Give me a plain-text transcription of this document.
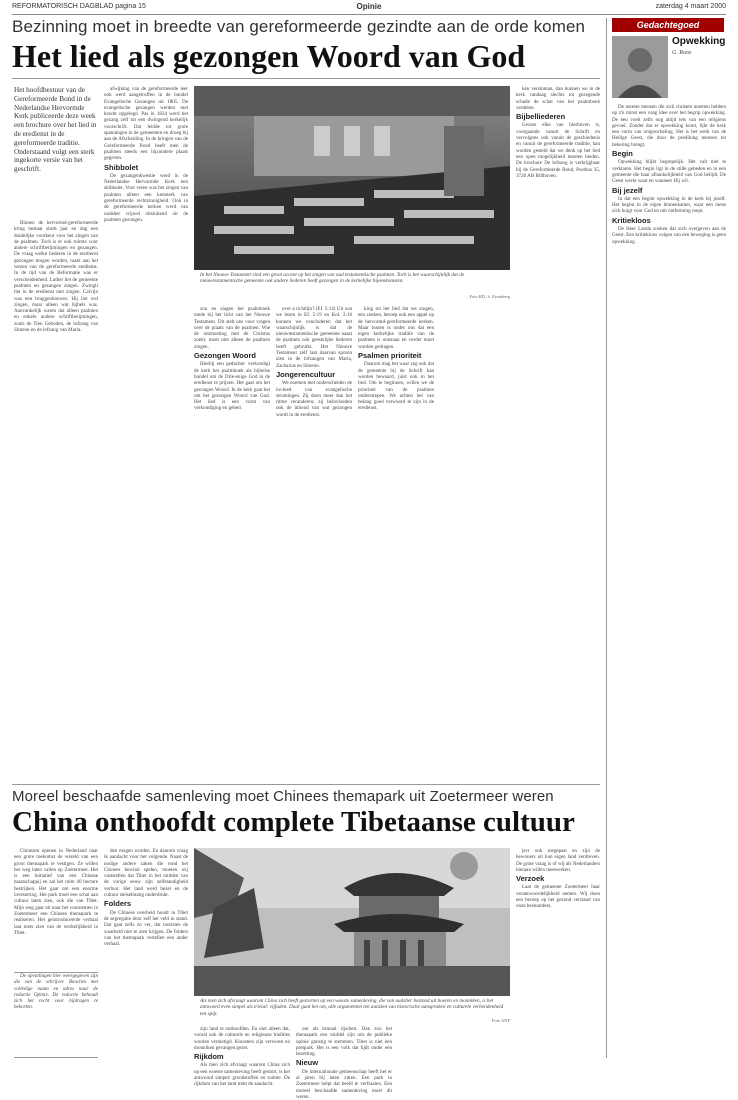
REFORMATORISCH DAGBLAD pagina 15	Opinie	zaterdag 4 maart 2000
Bezinning moet in breedte van gereformeerde gezindte aan de orde komen
Het lied als gezongen Woord van God
Het hoofdbestuur van de Gereformeerde Bond in de Nederlandse Hervormde Kerk publiceerde deze week een brochure over het lied in de eredienst in de gereformeerde traditie. Onderstaand volgt een sterk ingekorte versie van het geschrift.

Binnen de hervormd-gereformeerde kring bestaat sinds jaar en dag een duidelijke voorkeur voor het zingen van de psalmen. Toch is er ook ruimte voor andere schriftberijmingen en gezangen. De vraag welke liederen in de eredienst gezongen mogen worden, raakt aan het wezen van de gereformeerde eredienst. In de tijd van de Reformatie was er verscheidenheid. Luther liet de gemeente psalmen en gezangen zingen. Zwingli liet in de eredienst niet zingen. Calvijn was een bruggenbouwer. Hij liet wel zingen, maar alleen wat bijbels was. Aanvankelijk waren dat alleen psalmen en enkele andere schriftberijmingen, zoals de Tien Geboden, de lofzang van Simeon en de lofzang van Maria.

afwijking van de gereformeerde leer ook werd aangetroffen in de bundel Evangelische Gezangen uit 1805. De evangelische gezangen werden met kracht opgelegd. Pas in 1834 werd het gezang zelf tot een dwingend kerkelijk voorschrift. Dat leidde tot grote spanningen in de gemeenten en droeg bij aan de Afscheiding. In de kringen van de Gereformeerde Bond heeft men de psalmen steeds een bijzondere plaats gegeven.

Shibbolet

De gezangenkwestie werd in de Nederlandse Hervormde Kerk een shibbolet. Voor velen was het zingen van psalmen alleen een kenmerk van gereformeerde rechtzinnigheid. Ook in de gereformeerde kerken werd van oudsher vrijwel uitsluitend uit de psalmen gezongen.

In het Nieuwe Testament vind een groot accent op het zingen van oud testamentische psalmen. Toch is het waarschijnlijk dat de nieuwtestamentische gemeente ook andere liederen heeft gezongen in de kerkelijke bijeenkomsten.
Foto RD, S. Eisenberg

zou en slagen het psalmboek mede bij het licht van het Nieuwe Testament. Dit stelt ons voor vragen over de plaats van de psalmen. Wie de ontmoeting met de Christus zoekt, moet niet alleen de psalmen zingen.

Gezongen Woord

Hierbij een gedachte: verkondigt de kerk het psalmboek als bijbelse bundel om de Drie-enige God in de eredienst te prijzen. Het gaat om het gezongen Woord. In de kerk gaat het om het gezongen Woord van God. Het lied is een vorm van verkondiging en gebed.

over a richtlijn? (Ef. 5:14) Uit wat we lezen in Ef. 5:19 en Kol. 3:16 kunnen we concluderen dat het waarschijnlijk is dat de nieuwtestamentische gemeente naast de psalmen ook geestelijke liederen heeft gebruikt. Het Nieuwe Testament zelf laat daarvan sporen zien in de lofzangen van Maria, Zacharias en Simeon.

Jongerencultuur

We noemen met onderscheiden de invloed van evangelische stromingen. Zij doen meer dan het ritme veranderen; zij beïnvloeden ook de inhoud van wat gezongen wordt in de eredienst.

king tot het lied dat we zingen, een zoeken, beroep ook een appel op de hervormd-gereformeerde kerken. Maar tussen is onder ons dat een eigen kerkelijke traditie van de psalmen is ontstaan en verder moet worden gedragen.

Psalmen prioriteit

Daarom mag het waar zeg ook dat de gemeente bij de Schrift kan worden bewaard, juist ook in het lied. Om te beginnen, willen we de prioriteit van de psalmen onderstrepen. We achten het van belang goed verwoord te zijn in de eredienst.

ken verstoman, dan kunnen we in de kerk vandaag slechts tot gezegende schade de schat van het psalmboek verdelen.

Bijbelliederen

Gezien elke van hierboven is, voorgaande vanuit de Schrift en vervolgens ook vanuit de geschiedenis en vanuit de gereformeerde traditie, kan worden gesteld dat we denk op het lied een open mogelijkheid moeten bieden. De brochure De lofzang is verkrijgbaar bij de Gereformeerde Bond, Postbus 35, 3720 AB Bilthoven.

Gedachtegoed
Opwekking
G. Roos

De meeste mensen die zich christen noemen hebben op z'n minst een vaag idee over het begrip opwekking. De eeu voelt zelfs nog altijd iets van een religieus gevoel. Zonder dat er opwekking komt, lijkt de kerk een vorm van ontgoocheling. Het is het werk van de Heilige Geest, die door de prediking mensen tot bekering brengt.

Begin

Opwekking blijkt begrepelijk. Het valt niet te verklaren. Het begin ligt in de stille gebeden en in een gemeente die haar afhankelijkheid van God belijdt. De Geest werkt waar en wanneer Hij wil.

Bij jezelf

In dat een begint opwekking in de kerk bij jezelf. Het begint in de eigen binnenkamer, waar een mens zich buigt voor God en om ontferming roept.

Kritiekloos

De Heer Landa zoeken dat zich overgeven aan de Geest. Een kritiekloos volgen van een beweging is geen opwekking.

Moreel beschaafde samenleving moet Chinees themapark uit Zoetermeer weren
China onthoofdt complete Tibetaanse cultuur

Chinezen openen in Nederland naar een grote toekomst de wereld van een groot themapark te vestigen. Ze willen het weg laten vallen op Zoetermeer. Het is een initiatief van een Chinese maatschappij en zal het ruim 40 hectare bestrijken. Het gaat om een enorme investering. Het park moet een schat aan cultuur laten zien, ook die van Tibet. Mijn weg gaat uit naar het voornemen in Zoetermeer een Chinees themapark te realiseren. Het geïntroduceerde verhaal laat niets zien van de werkelijkheid in Tibet.

De opvattingen hier weergegeven zijn die van de schrijver. Reacties met volledige naam en adres naar de redactie Opinie. De redactie behoudt zich het recht voor bijdragen te bekorten.

den mogen worden. En daarom vraag ik aandacht voor het volgende. Naast de nodige andere zaken die rond het Chinees bewind spelen, moeten wij vaststellen dat Tibet in het midden van de vorige eeuw zijn zelfstandigheid verloor. Het land werd bezet en de cultuur stelselmatig onderdrukt.

Folders

De Chinese overheid houdt in Tibet de segregatie door zelf het veld in stand. Dat gaat zelfs zo ver, dat toeristen de waarheid niet te zien krijgen. De folders van het themapark vertellen een ander verhaal.

Als men zich afvraagt waarom China zich heeft gestorten op een woeste samenleving, die van oudsher bestond uit boeren en monniken, is het antwoord even simpel als trivial: vijfaden. Daar gaat het om, alle argumenten ten aanzien van historische aanspraken en culturele verbondenheid ten spijt.
Foto ANP

zijn land te onthoofden. En niet alleen dat, vooral ook de culturele en religieuze tradities worden vernietigd. Kloosters zijn verwoest en monniken gevangen gezet.

Rijkdom

Als men zich afvraagt waarom China zich op een woeste samenleving heeft gestort, is het antwoord simpel: grondstoffen en ruimte. De rijkdom van het land trekt de aandacht.

om als brutaal rijsdom. Dan zou het themapark een middel zijn om de publieke opinie gunstig te stemmen. Tibet is niet een pretpark. Het is een volk dat lijdt onder een bezetting.

Nieuw

De internationale gemeenschap heeft het er al jaren bij laten zitten. Een park in Zoetermeer helpt dat beeld te verfraaien. Een moreel beschaafde samenleving moet dit weren.

ject ook toegepast en zijn de bewoners uit hun eigen land verdreven. De grote vraag is of wij als Nederlanders hieraan willen meewerken.

Verzoek

Laat de gemeente Zoetermeer haar verantwoordelijkheid nemen. Wij doen een beroep op het gezond verstand van onze bestuurders.
